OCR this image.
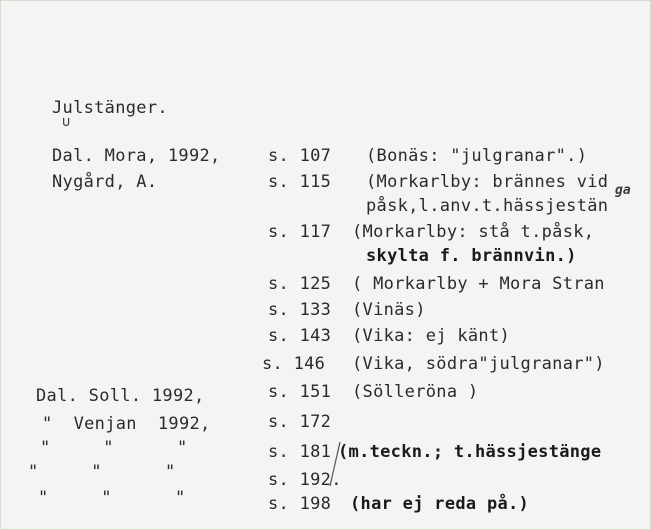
Julstänger.
∪
Dal. Mora, 1992,	s. 107 (Bonäs: "julgranar".)
Nygård, A.	s. 115 (Morkarlby: brännes vid
påsk,l.anv.t.hässjestän
ga
s. 117 (Morkarlby: stå t.påsk,
skylta f. brännvin.)
s. 125 ( Morkarlby + Mora Stran
s. 133 (Vinäs)
s. 143 (Vika: ej känt)
s. 146 (Vika, södra"julgranar")
Dal. Soll. 1992,	s. 151 (Sölleröna )
"  Venjan  1992,	s. 172
"     "      "	s. 181 (m.teckn.; t.hässjestänge
"     "      "	s. 192.
"     "      "	s. 198 (har ej reda på.)
